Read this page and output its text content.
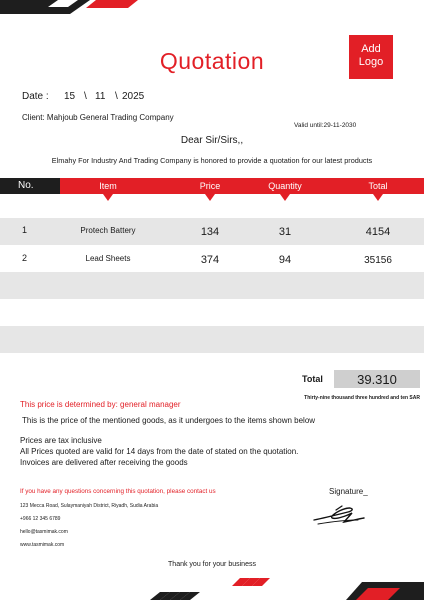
Quotation	Add
Logo
Date : 15 \ 11 \ 2025
Client: Mahjoub General Trading Company
Valid until:29-11-2030
Dear Sir/Sirs,,
Elmahy For Industry And Trading Company is honored to provide a quotation for our latest products
No.	Item	Price	Quantity	Total
1	Protech Battery	134	31	4154
2	Lead Sheets	374	94	35156
Total	39.310
Thirty-nine thousand three hundred and ten SAR
This price is determined by: general manager
This is the price of the mentioned goods, as it undergoes to the items shown below
Prices are tax inclusive
All Prices quoted are valid for 14 days from the date of stated on the quotation.
Invoices are delivered after receiving the goods
If you have any questions concerning this quotation, please contact us	Signature_
123 Mecca Road, Sulaymaniyah District, Riyadh, Sudia Arabia
+966 12 345 6789
hello@tasmimak.com
www.tasmimak.com
Thank you for your business
